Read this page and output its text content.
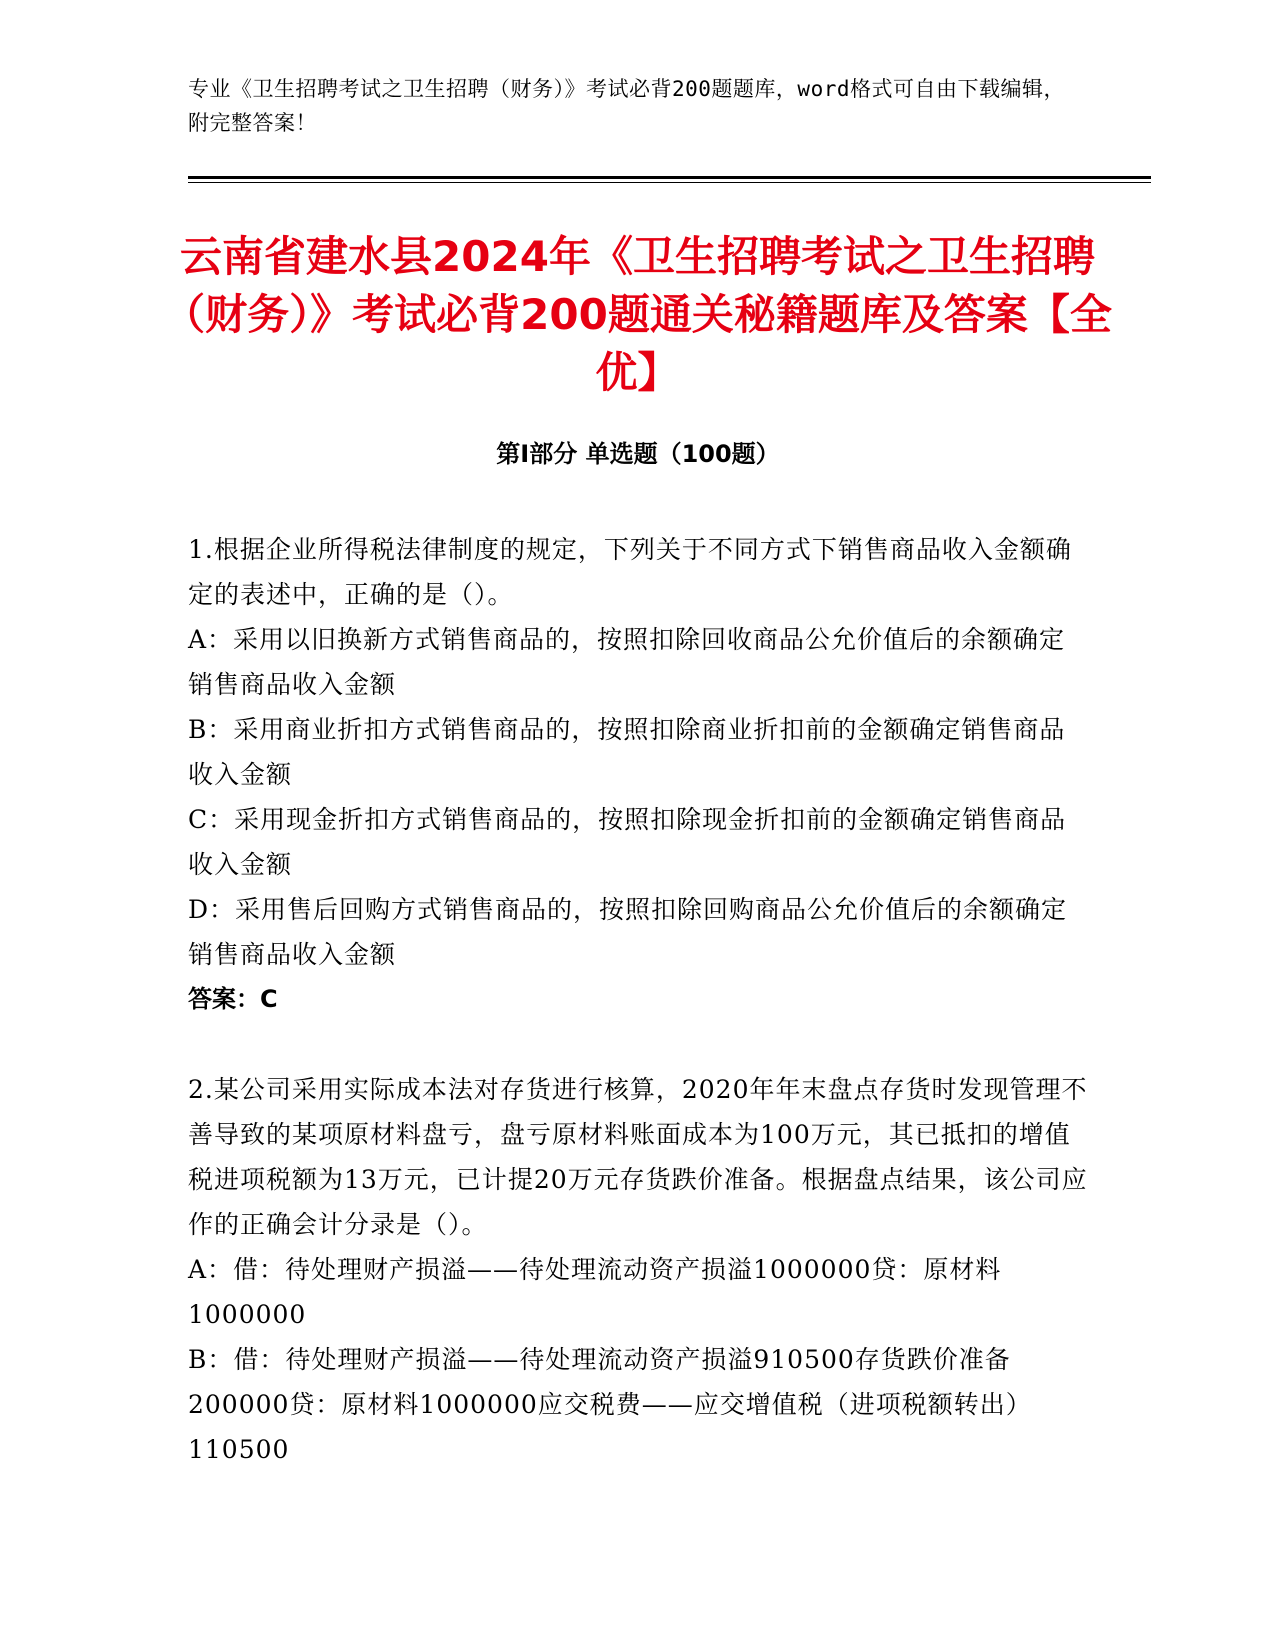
专业《卫生招聘考试之卫生招聘（财务）》考试必背200题题库，word格式可自由下载编辑，附完整答案！
云南省建水县2024年《卫生招聘考试之卫生招聘（财务）》考试必背200题通关秘籍题库及答案【全优】
第Ⅰ部分 单选题（100题）

1.根据企业所得税法律制度的规定，下列关于不同方式下销售商品收入金额确定的表述中，正确的是（）。

A：采用以旧换新方式销售商品的，按照扣除回收商品公允价值后的余额确定销售商品收入金额

B：采用商业折扣方式销售商品的，按照扣除商业折扣前的金额确定销售商品收入金额

C：采用现金折扣方式销售商品的，按照扣除现金折扣前的金额确定销售商品收入金额

D：采用售后回购方式销售商品的，按照扣除回购商品公允价值后的余额确定销售商品收入金额

答案：C

2.某公司采用实际成本法对存货进行核算，2020年年末盘点存货时发现管理不善导致的某项原材料盘亏，盘亏原材料账面成本为100万元，其已抵扣的增值税进项税额为13万元，已计提20万元存货跌价准备。根据盘点结果，该公司应作的正确会计分录是（）。

A：借：待处理财产损溢——待处理流动资产损溢1000000贷：原材料1000000

B：借：待处理财产损溢——待处理流动资产损溢910500存货跌价准备200000贷：原材料1000000应交税费——应交增值税（进项税额转出）110500
